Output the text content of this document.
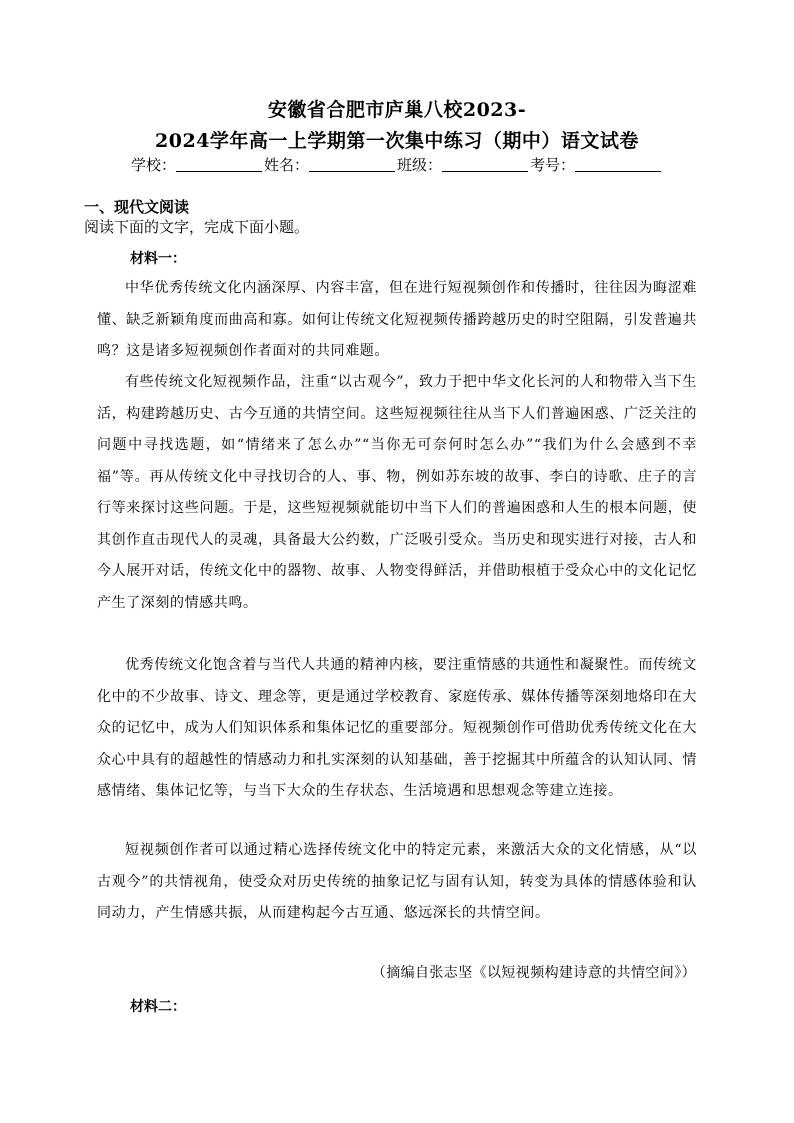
安徽省合肥市庐巢八校2023-
2024学年高一上学期第一次集中练习（期中）语文试卷
学校：	姓名：	班级：	考号：
一、现代文阅读
阅读下面的文字，完成下面小题。
材料一：
中华优秀传统文化内涵深厚、内容丰富，但在进行短视频创作和传播时，往往因为晦涩难懂、缺乏新颖角度而曲高和寡。如何让传统文化短视频传播跨越历史的时空阻隔，引发普遍共鸣？这是诸多短视频创作者面对的共同难题。
有些传统文化短视频作品，注重“以古观今”，致力于把中华文化长河的人和物带入当下生活，构建跨越历史、古今互通的共情空间。这些短视频往往从当下人们普遍困惑、广泛关注的问题中寻找选题，如“情绪来了怎么办”“当你无可奈何时怎么办”“我们为什么会感到不幸福”等。再从传统文化中寻找切合的人、事、物，例如苏东坡的故事、李白的诗歌、庄子的言行等来探讨这些问题。于是，这些短视频就能切中当下人们的普遍困惑和人生的根本问题，使其创作直击现代人的灵魂，具备最大公约数，广泛吸引受众。当历史和现实进行对接，古人和今人展开对话，传统文化中的器物、故事、人物变得鲜活，并借助根植于受众心中的文化记忆产生了深刻的情感共鸣。
优秀传统文化饱含着与当代人共通的精神内核，要注重情感的共通性和凝聚性。而传统文化中的不少故事、诗文、理念等，更是通过学校教育、家庭传承、媒体传播等深刻地烙印在大众的记忆中，成为人们知识体系和集体记忆的重要部分。短视频创作可借助优秀传统文化在大众心中具有的超越性的情感动力和扎实深刻的认知基础，善于挖掘其中所蕴含的认知认同、情感情绪、集体记忆等，与当下大众的生存状态、生活境遇和思想观念等建立连接。
短视频创作者可以通过精心选择传统文化中的特定元素，来激活大众的文化情感，从“以古观今”的共情视角，使受众对历史传统的抽象记忆与固有认知，转变为具体的情感体验和认同动力，产生情感共振，从而建构起今古互通、悠远深长的共情空间。
（摘编自张志坚《以短视频构建诗意的共情空间》）
材料二：
